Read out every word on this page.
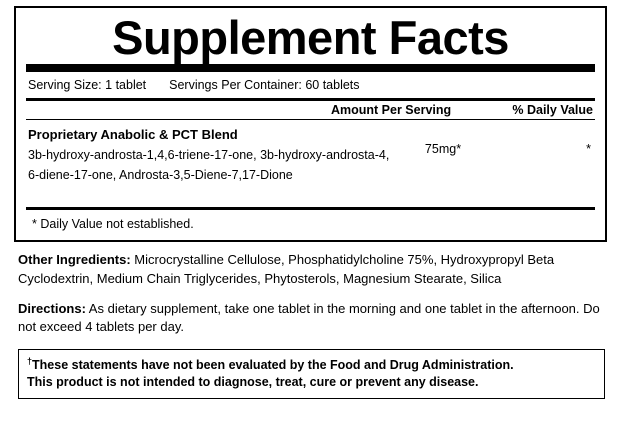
Supplement Facts
Serving Size: 1 tablet Servings Per Container: 60 tablets
Amount Per Serving	% Daily Value
Proprietary Anabolic & PCT Blend
3b-hydroxy-androsta-1,4,6-triene-17-one, 3b-hydroxy-androsta-4,
6-diene-17-one, Androsta-3,5-Diene-7,17-Dione
75mg*	*
* Daily Value not established.

Other Ingredients: Microcrystalline Cellulose, Phosphatidylcholine 75%, Hydroxypropyl Beta Cyclodextrin, Medium Chain Triglycerides, Phytosterols, Magnesium Stearate, Silica

Directions: As dietary supplement, take one tablet in the morning and one tablet in the afternoon. Do not exceed 4 tablets per day.

†These statements have not been evaluated by the Food and Drug Administration.

This product is not intended to diagnose, treat, cure or prevent any disease.
